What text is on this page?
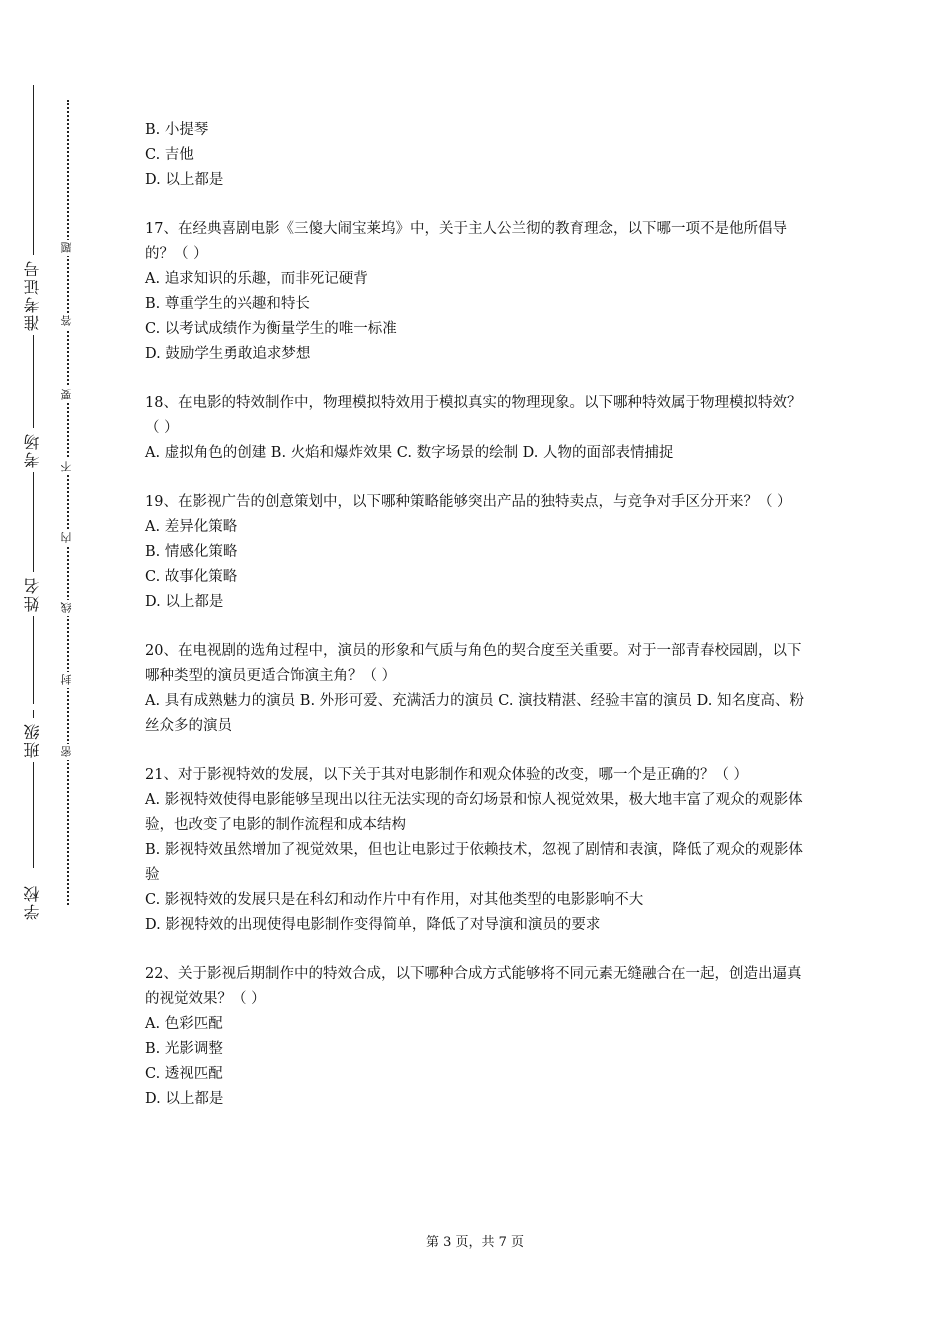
准考证号
考场
姓名
班级
学校
题
答
要
不
内
线
封
密

B. 小提琴

C. 吉他

D. 以上都是

17、在经典喜剧电影《三傻大闹宝莱坞》中，关于主人公兰彻的教育理念，以下哪一项不是他所倡导的？（ ）

A. 追求知识的乐趣，而非死记硬背

B. 尊重学生的兴趣和特长

C. 以考试成绩作为衡量学生的唯一标准

D. 鼓励学生勇敢追求梦想

18、在电影的特效制作中，物理模拟特效用于模拟真实的物理现象。以下哪种特效属于物理模拟特效？（ ）

A. 虚拟角色的创建 B. 火焰和爆炸效果 C. 数字场景的绘制 D. 人物的面部表情捕捉

19、在影视广告的创意策划中，以下哪种策略能够突出产品的独特卖点，与竞争对手区分开来？（ ）

A. 差异化策略

B. 情感化策略

C. 故事化策略

D. 以上都是

20、在电视剧的选角过程中，演员的形象和气质与角色的契合度至关重要。对于一部青春校园剧，以下哪种类型的演员更适合饰演主角？（ ）

A. 具有成熟魅力的演员 B. 外形可爱、充满活力的演员 C. 演技精湛、经验丰富的演员 D. 知名度高、粉丝众多的演员

21、对于影视特效的发展，以下关于其对电影制作和观众体验的改变，哪一个是正确的？（ ）

A. 影视特效使得电影能够呈现出以往无法实现的奇幻场景和惊人视觉效果，极大地丰富了观众的观影体验，也改变了电影的制作流程和成本结构

B. 影视特效虽然增加了视觉效果，但也让电影过于依赖技术，忽视了剧情和表演，降低了观众的观影体验

C. 影视特效的发展只是在科幻和动作片中有作用，对其他类型的电影影响不大

D. 影视特效的出现使得电影制作变得简单，降低了对导演和演员的要求

22、关于影视后期制作中的特效合成，以下哪种合成方式能够将不同元素无缝融合在一起，创造出逼真的视觉效果？（ ）

A. 色彩匹配

B. 光影调整

C. 透视匹配

D. 以上都是

第 3 页，共 7 页
